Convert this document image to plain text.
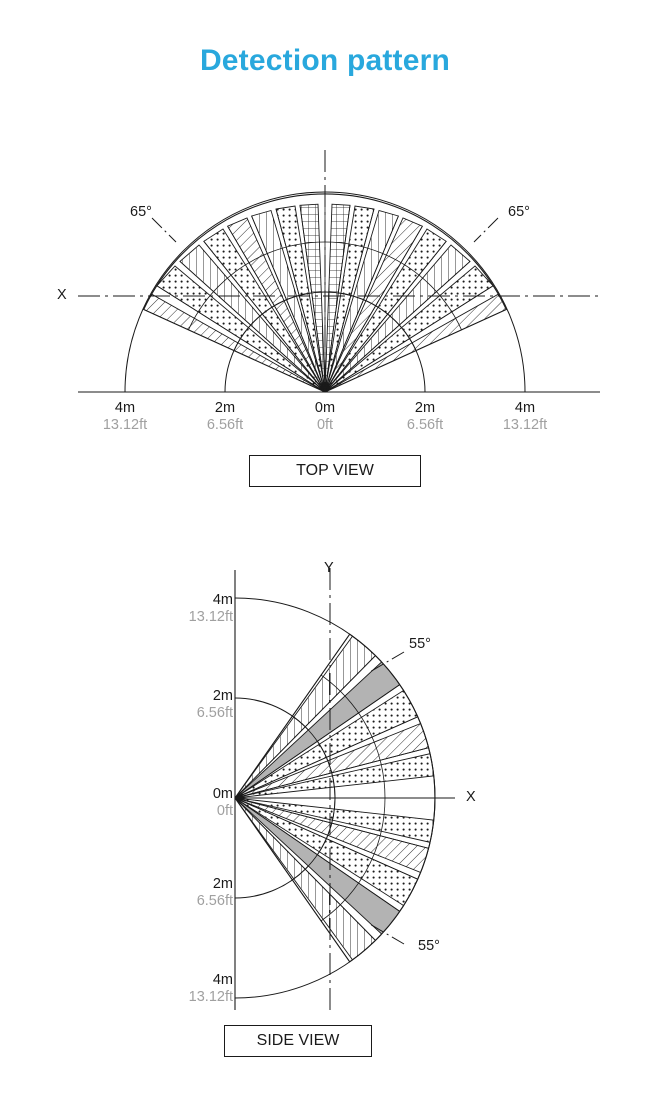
Detection pattern
65°	65°
X
4m
13.12ft
2m
6.56ft
0m
0ft
2m
6.56ft
4m
13.12ft
TOP VIEW
Y
X
55°
55°
4m
13.12ft
2m
6.56ft
0m
0ft
2m
6.56ft
4m
13.12ft
SIDE VIEW
